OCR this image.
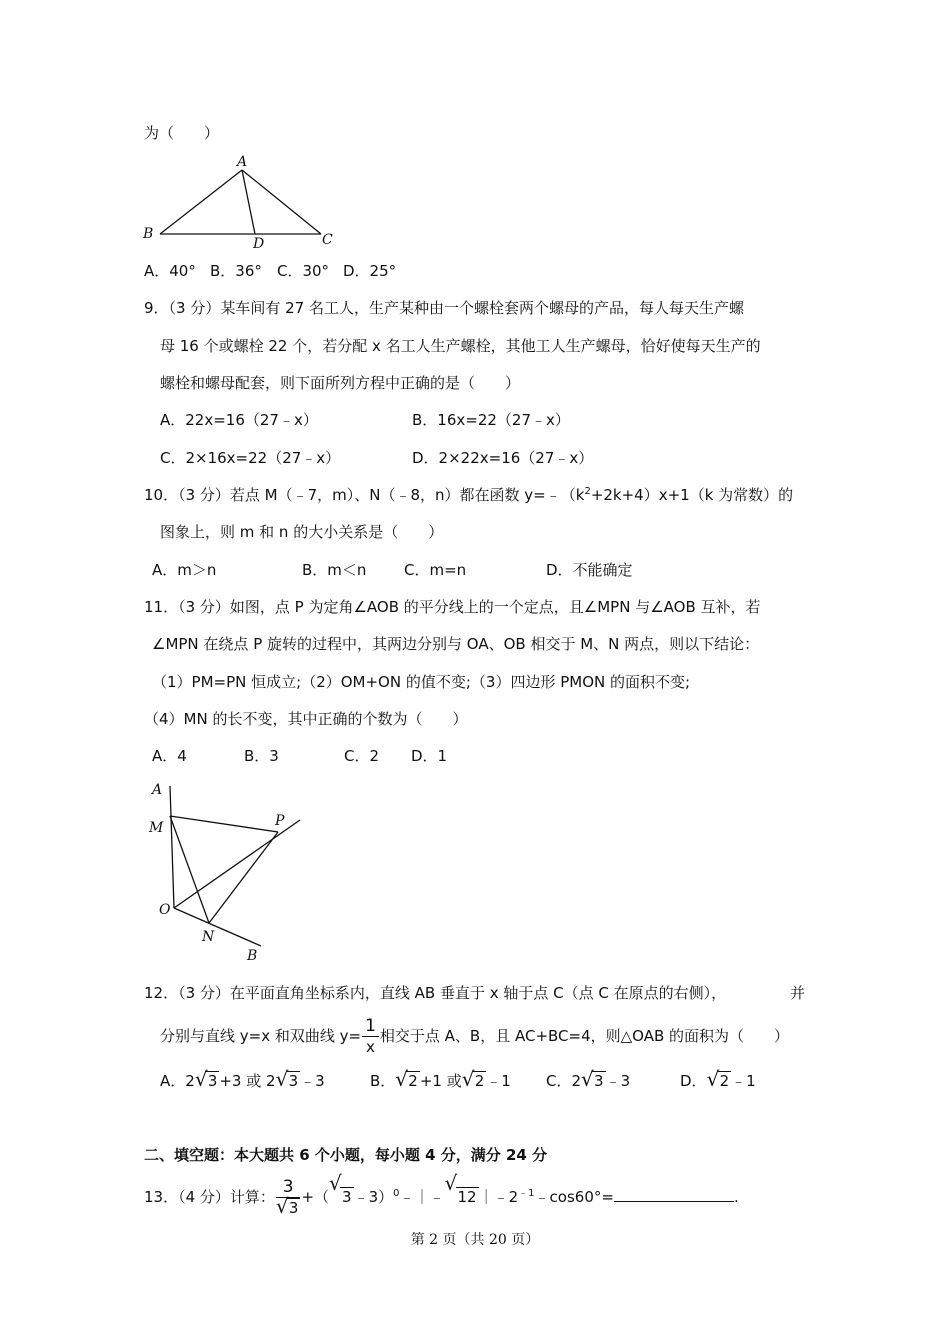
为（　　）
A
B	C
D
A．40° B．36° C．30° D．25°
9．（3 分）某车间有 27 名工人，生产某种由一个螺栓套两个螺母的产品，每人每天生产螺
母 16 个或螺栓 22 个，若分配 x 名工人生产螺栓，其他工人生产螺母，恰好使每天生产的
螺栓和螺母配套，则下面所列方程中正确的是（　　）
A．22x=16（27﹣x）	B．16x=22（27﹣x）
C．2×16x=22（27﹣x）	D．2×22x=16（27﹣x）
10．（3 分）若点 M（﹣7，m）、N（﹣8，n）都在函数 $y=﹣(k^2+2k+4)x+1(k$ 为常数）的
图象上，则 m 和 n 的大小关系是（　　）
A．m＞n	B．m＜n	C．m=n	D．不能确定
11．（3 分）如图，点 P 为定角∠AOB 的平分线上的一个定点，且∠MPN 与∠AOB 互补，若
∠MPN 在绕点 P 旋转的过程中，其两边分别与 OA、OB 相交于 M、N 两点，则以下结论：
（1）PM=PN 恒成立;（2）OM+ON 的值不变;（3）四边形 PMON 的面积不变;
（4）MN 的长不变，其中正确的个数为（　　）
A．4	B．3	C．2 D．1
A
M	P
O
N
B
12．（3 分）在平面直角坐标系内，直线 AB 垂直于 x 轴于点 C（点 C 在原点的右侧），	并
分别与直线 y=x 和双曲线 $y= \frac{1}{x}$ 相交于点 A、B，且 AC+BC=4，则△OAB 的面积为（　　）
A．2 √ 3 +3 或 2 √ 3 ﹣3	B． √ 2 +1 或 √ 2 ﹣1 C．2 √ 3 ﹣3	D． √ 2 ﹣1
二、填空题：本大题共 6 个小题，每小题 4 分，满分 24 分
13．（4 分）计算： 3
√ 3 +（ √ 3 ﹣3）$^0$﹣｜﹣ √ 12 $|﹣2^{﹣1}﹣\cos 60^\circ=$	.
第 2 页（共 20 页）
